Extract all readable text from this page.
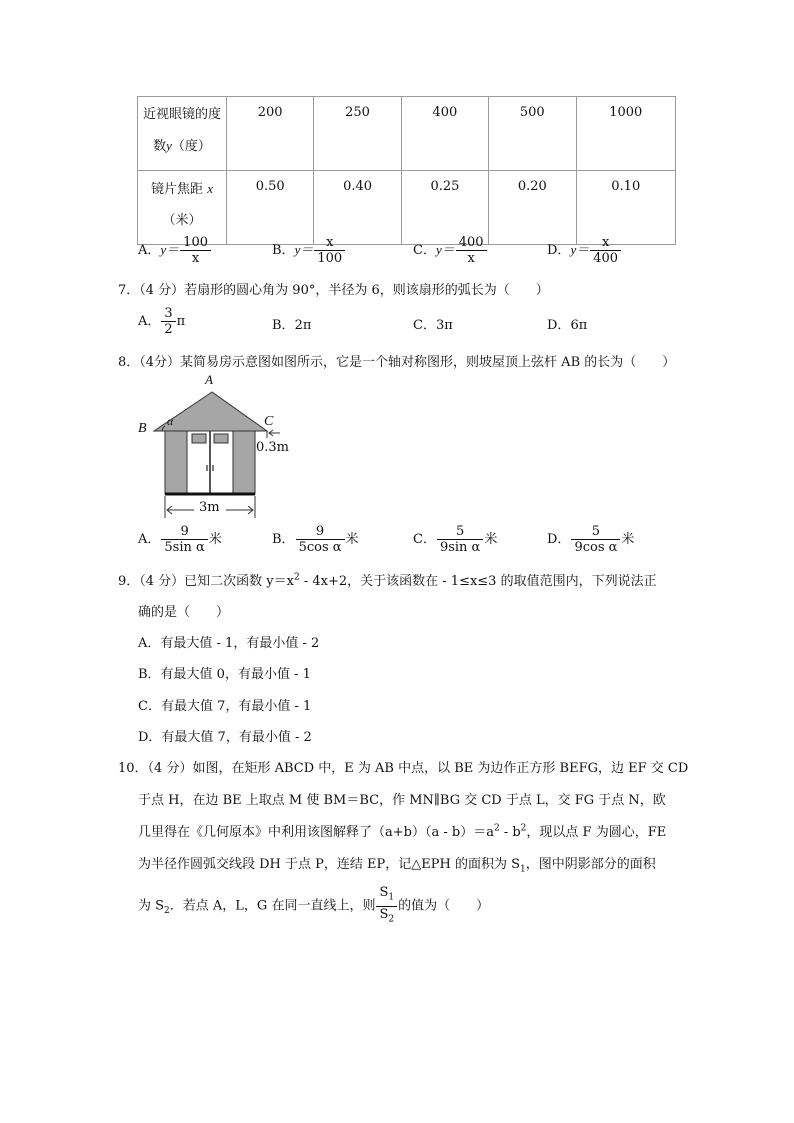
近视眼镜的度
数y（度）	200	250	400	500	1000
镜片焦距 x
（米）	0.50	0.40	0.25	0.20	0.10
A．$y= \frac{100}{x}$	B．$y= \frac{x}{100}$	C．$y= \frac{400}{x}$	D．$y= \frac{x}{400}$
7．（4 分）若扇形的圆心角为 90°，半径为 6，则该扇形的弧长为（　　）
A． $\frac{3}{2}$ π	B．2π	C．3π	D．6π
8．（4分）某简易房示意图如图所示，它是一个轴对称图形，则坡屋顶上弦杆 AB 的长为（　　）
A
B	C
α
0.3m
3m
A． $\frac{9}{\text{5sin α}}$ 米	B． $\frac{9}{\text{5cos α}}$ 米	C． $\frac{5}{\text{9sin α}}$ 米	D． $\frac{5}{\text{9cos α}}$ 米
9．（4 分）已知二次函数 $y=x^2 - 4x+2$，关于该函数在 - 1≤x≤3 的取值范围内，下列说法正
确的是（　　）
A．有最大值 - 1，有最小值 - 2
B．有最大值 0，有最小值 - 1
C．有最大值 7，有最小值 - 1
D．有最大值 7，有最小值 - 2
10．（4 分）如图，在矩形 ABCD 中，E 为 AB 中点，以 BE 为边作正方形 BEFG，边 EF 交 CD
于点 H，在边 BE 上取点 M 使 BM＝BC，作 MN∥BG 交 CD 于点 L，交 FG 于点 N，欧
几里得在《几何原本》中利用该图解释了$(a+b)(a - b)=a^2 - b^2$，现以点 F 为圆心，FE
为半径作圆弧交线段 DH 于点 P，连结 EP，记△EPH 的面积为 $S_1$，图中阴影部分的面积
为 $S_2$．若点 A，L，G 在同一直线上，则 $\frac{S_1}{S_2}$ 的值为（　　）
